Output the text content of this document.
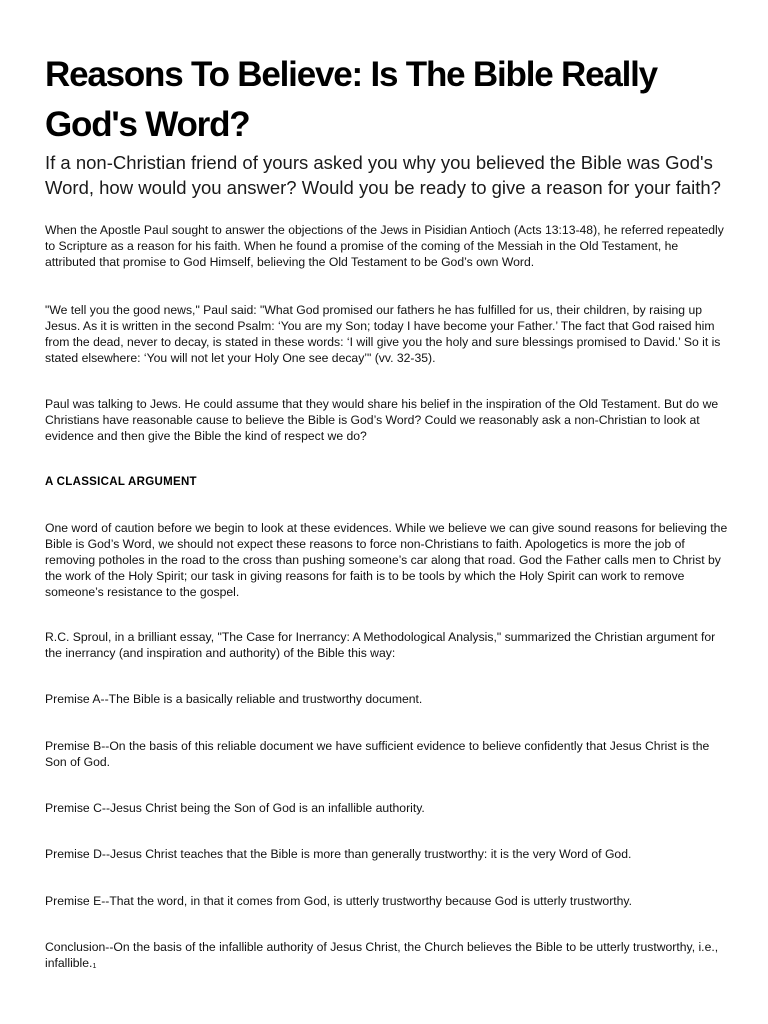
Reasons To Believe: Is The Bible Really God's Word?

If a non-Christian friend of yours asked you why you believed the Bible was God's Word, how would you answer? Would you be ready to give a reason for your faith?

When the Apostle Paul sought to answer the objections of the Jews in Pisidian Antioch (Acts 13:13-48), he referred repeatedly to Scripture as a reason for his faith. When he found a promise of the coming of the Messiah in the Old Testament, he attributed that promise to God Himself, believing the Old Testament to be God’s own Word.

"We tell you the good news," Paul said: "What God promised our fathers he has fulfilled for us, their children, by raising up Jesus. As it is written in the second Psalm: ‘You are my Son; today I have become your Father.’ The fact that God raised him from the dead, never to decay, is stated in these words: ‘I will give you the holy and sure blessings promised to David.’ So it is stated elsewhere: ‘You will not let your Holy One see decay’" (vv. 32-35).

Paul was talking to Jews. He could assume that they would share his belief in the inspiration of the Old Testament. But do we Christians have reasonable cause to believe the Bible is God’s Word? Could we reasonably ask a non-Christian to look at evidence and then give the Bible the kind of respect we do?

A CLASSICAL ARGUMENT

One word of caution before we begin to look at these evidences. While we believe we can give sound reasons for believing the Bible is God’s Word, we should not expect these reasons to force non-Christians to faith. Apologetics is more the job of removing potholes in the road to the cross than pushing someone’s car along that road. God the Father calls men to Christ by the work of the Holy Spirit; our task in giving reasons for faith is to be tools by which the Holy Spirit can work to remove someone’s resistance to the gospel.

R.C. Sproul, in a brilliant essay, "The Case for Inerrancy: A Methodological Analysis," summarized the Christian argument for the inerrancy (and inspiration and authority) of the Bible this way:

Premise A--The Bible is a basically reliable and trustworthy document.

Premise B--On the basis of this reliable document we have sufficient evidence to believe confidently that Jesus Christ is the Son of God.

Premise C--Jesus Christ being the Son of God is an infallible authority.

Premise D--Jesus Christ teaches that the Bible is more than generally trustworthy: it is the very Word of God.

Premise E--That the word, in that it comes from God, is utterly trustworthy because God is utterly trustworthy.

Conclusion--On the basis of the infallible authority of Jesus Christ, the Church believes the Bible to be utterly trustworthy, i.e., infallible.1
